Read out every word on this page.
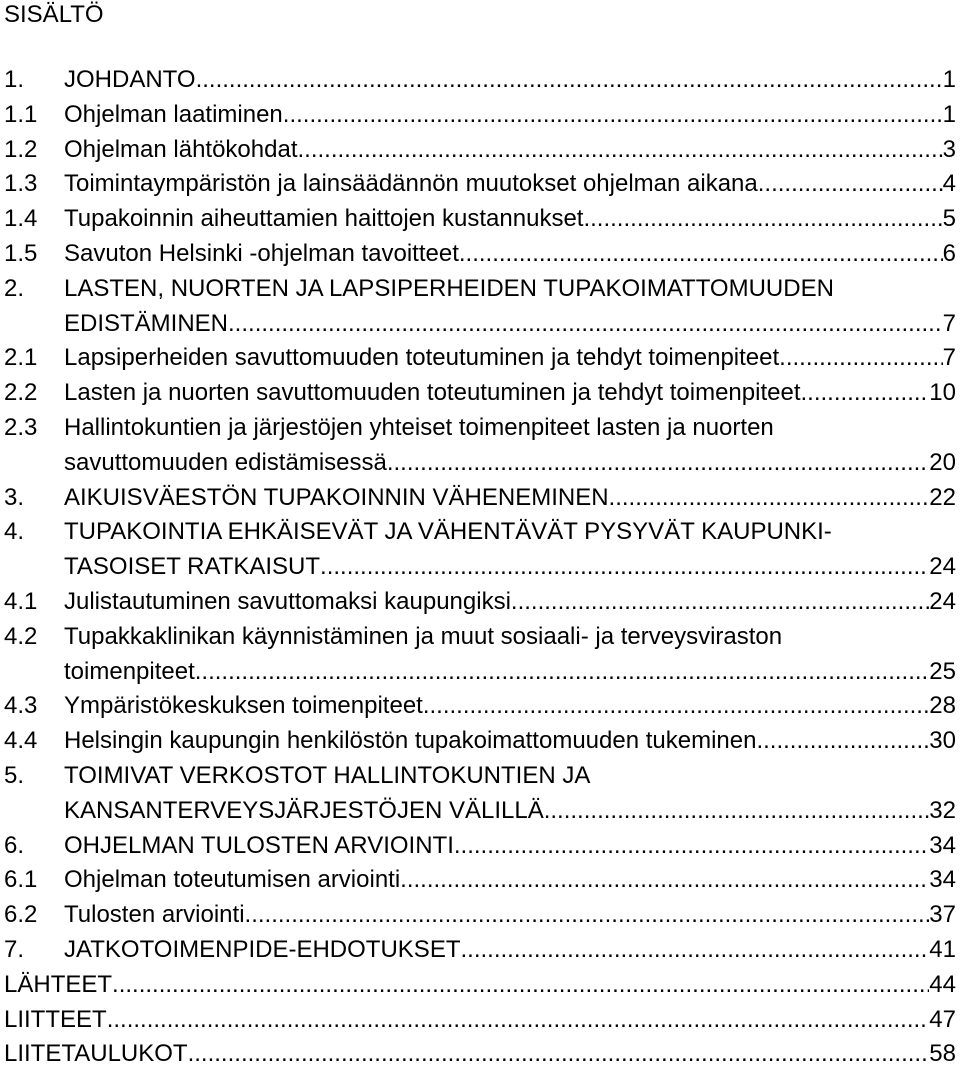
SISÄLTÖ
1.	JOHDANTO .....	1
1.1	Ohjelman laatiminen .....	1
1.2	Ohjelman lähtökohdat .....	3
1.3	Toimintaympäristön ja lainsäädännön muutokset ohjelman aikana .....	4
1.4	Tupakoinnin aiheuttamien haittojen kustannukset .....	5
1.5	Savuton Helsinki -ohjelman tavoitteet .....	6
2.	LASTEN, NUORTEN JA LAPSIPERHEIDEN TUPAKOIMATTOMUUDEN
EDISTÄMINEN .....	7
2.1	Lapsiperheiden savuttomuuden toteutuminen ja tehdyt toimenpiteet .....	7
2.2	Lasten ja nuorten savuttomuuden toteutuminen ja tehdyt toimenpiteet .....	10
2.3	Hallintokuntien ja järjestöjen yhteiset toimenpiteet lasten ja nuorten
savuttomuuden edistämisessä .....	20
3.	AIKUISVÄESTÖN TUPAKOINNIN VÄHENEMINEN .....	22
4.	TUPAKOINTIA EHKÄISEVÄT JA VÄHENTÄVÄT PYSYVÄT KAUPUNKI-
TASOISET RATKAISUT .....	24
4.1	Julistautuminen savuttomaksi kaupungiksi .....	24
4.2	Tupakkaklinikan käynnistäminen ja muut sosiaali- ja terveysviraston
toimenpiteet .....	25
4.3	Ympäristökeskuksen toimenpiteet .....	28
4.4	Helsingin kaupungin henkilöstön tupakoimattomuuden tukeminen .....	30
5.	TOIMIVAT VERKOSTOT HALLINTOKUNTIEN JA
KANSANTERVEYSJÄRJESTÖJEN VÄLILLÄ .....	32
6.	OHJELMAN TULOSTEN ARVIOINTI .....	34
6.1	Ohjelman toteutumisen arviointi .....	34
6.2	Tulosten arviointi .....	37
7.	JATKOTOIMENPIDE-EHDOTUKSET .....	41
LÄHTEET .....	44
LIITTEET .....	47
LIITETAULUKOT .....	58
